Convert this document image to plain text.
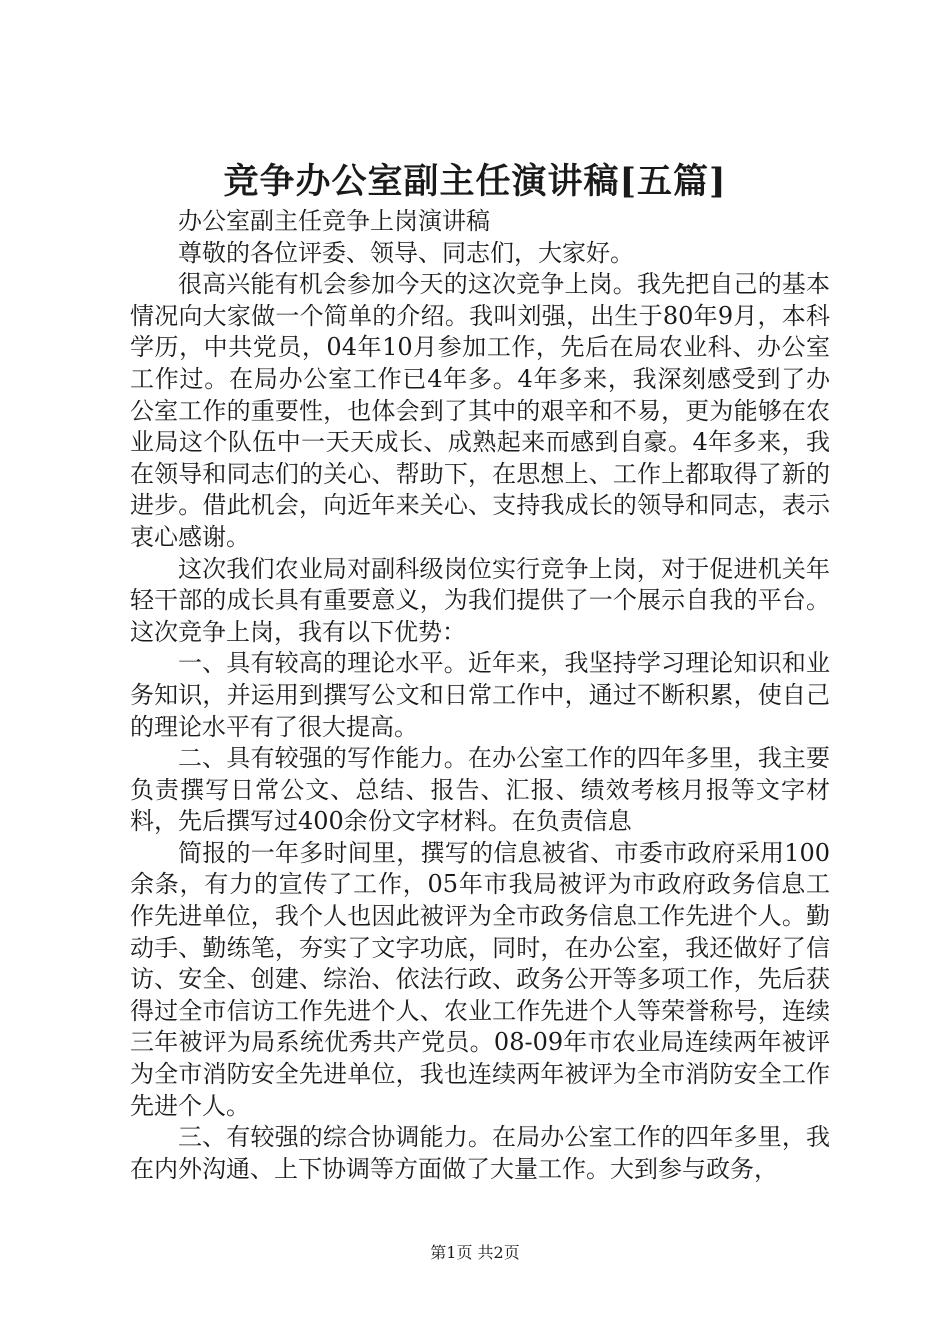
竞争办公室副主任演讲稿[五篇]

办公室副主任竞争上岗演讲稿

尊敬的各位评委、领导、同志们，大家好。

很高兴能有机会参加今天的这次竞争上岗。我先把自己的基本情况向大家做一个简单的介绍。我叫刘强，出生于80年9月，本科学历，中共党员，04年10月参加工作，先后在局农业科、办公室工作过。在局办公室工作已4年多。4年多来，我深刻感受到了办公室工作的重要性，也体会到了其中的艰辛和不易，更为能够在农业局这个队伍中一天天成长、成熟起来而感到自豪。4年多来，我在领导和同志们的关心、帮助下，在思想上、工作上都取得了新的进步。借此机会，向近年来关心、支持我成长的领导和同志，表示衷心感谢。

这次我们农业局对副科级岗位实行竞争上岗，对于促进机关年轻干部的成长具有重要意义，为我们提供了一个展示自我的平台。这次竞争上岗，我有以下优势：

一、具有较高的理论水平。近年来，我坚持学习理论知识和业务知识，并运用到撰写公文和日常工作中，通过不断积累，使自己的理论水平有了很大提高。

二、具有较强的写作能力。在办公室工作的四年多里，我主要负责撰写日常公文、总结、报告、汇报、绩效考核月报等文字材料，先后撰写过400余份文字材料。在负责信息

简报的一年多时间里，撰写的信息被省、市委市政府采用100余条，有力的宣传了工作，05年市我局被评为市政府政务信息工作先进单位，我个人也因此被评为全市政务信息工作先进个人。勤动手、勤练笔，夯实了文字功底，同时，在办公室，我还做好了信访、安全、创建、综治、依法行政、政务公开等多项工作，先后获得过全市信访工作先进个人、农业工作先进个人等荣誉称号，连续三年被评为局系统优秀共产党员。08-09年市农业局连续两年被评为全市消防安全先进单位，我也连续两年被评为全市消防安全工作先进个人。

三、有较强的综合协调能力。在局办公室工作的四年多里，我在内外沟通、上下协调等方面做了大量工作。大到参与政务，

第1页 共2页
